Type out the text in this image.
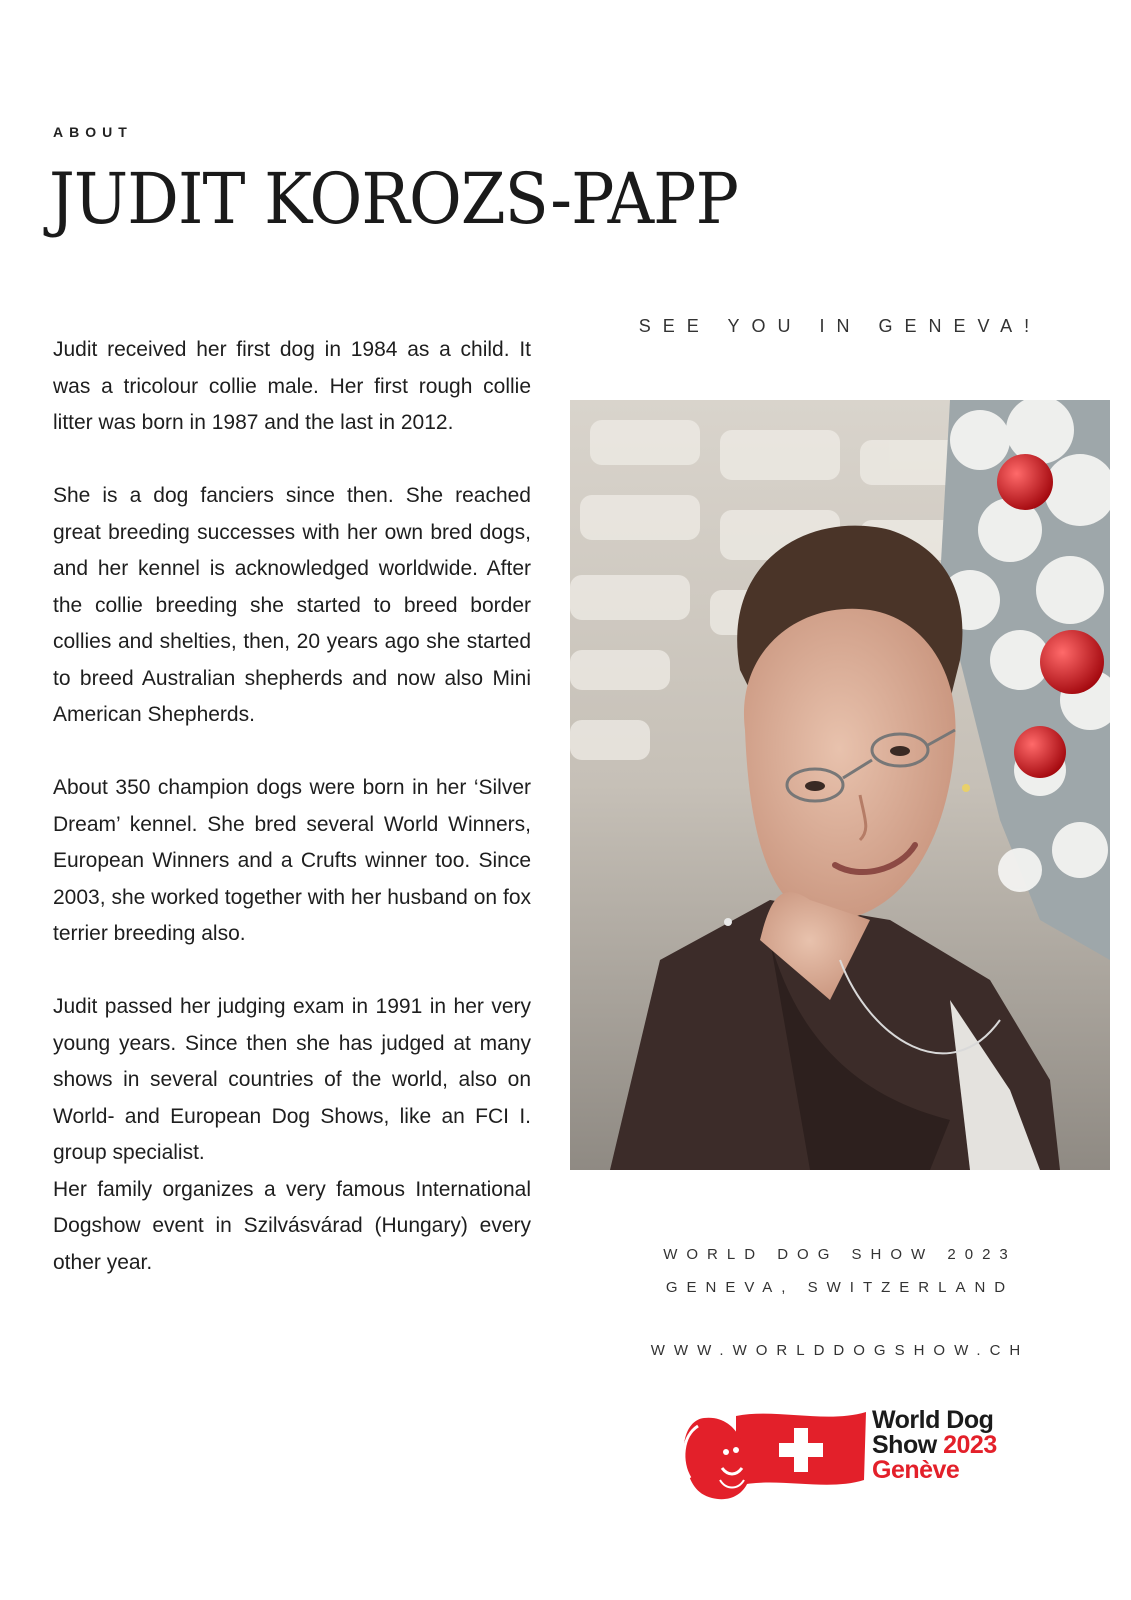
ABOUT
JUDIT KOROZS-PAPP

Judit received her first dog in 1984 as a child. It was a tricolour collie male. Her first rough collie litter was born in 1987 and the last in 2012.

She is a dog fanciers since then. She reached great breeding successes with her own bred dogs, and her kennel is acknowledged worldwide. After the collie breeding she started to breed border collies and shelties, then, 20 years ago she started to breed Australian shepherds and now also Mini American Shepherds.

About 350 champion dogs were born in her ‘Silver Dream’ kennel. She bred several World Winners, European Winners and a Crufts winner too. Since 2003, she worked together with her husband on fox terrier breeding also.

Judit passed her judging exam in 1991 in her very young years. Since then she has judged at many shows in several countries of the world, also on World- and European Dog Shows, like an FCI I. group specialist.

Her family organizes a very famous International Dogshow event in Szilvásvárad (Hungary) every other year.

SEE YOU IN GENEVA!
WORLD DOG SHOW 2023
GENEVA, SWITZERLAND
WWW.WORLDDOGSHOW.CH
World Dog
Show 2023
Genève
